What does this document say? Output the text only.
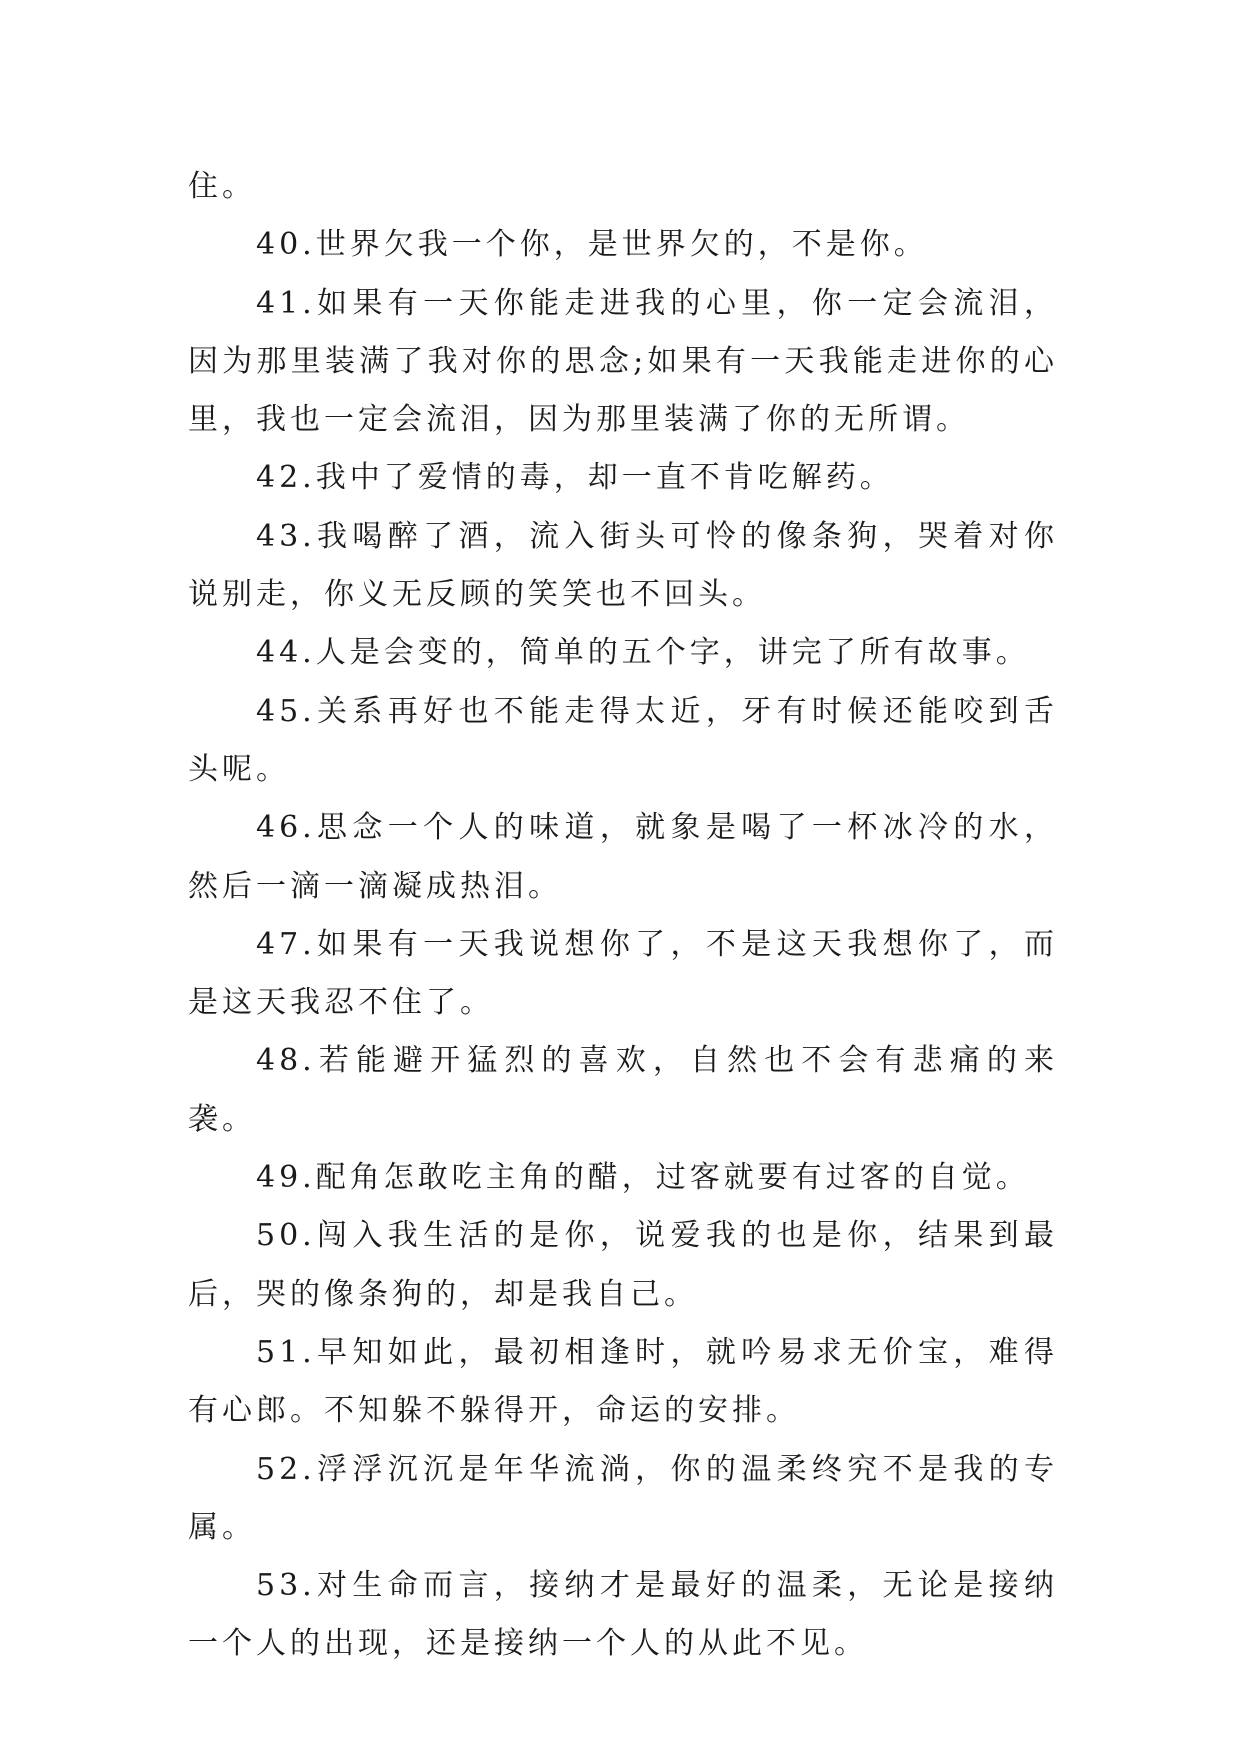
住。

40.世界欠我一个你，是世界欠的，不是你。

41.如果有一天你能走进我的心里，你一定会流泪，因为那里装满了我对你的思念;如果有一天我能走进你的心里，我也一定会流泪，因为那里装满了你的无所谓。

42.我中了爱情的毒，却一直不肯吃解药。

43.我喝醉了酒，流入街头可怜的像条狗，哭着对你说别走，你义无反顾的笑笑也不回头。

44.人是会变的，简单的五个字，讲完了所有故事。

45.关系再好也不能走得太近，牙有时候还能咬到舌头呢。

46.思念一个人的味道，就象是喝了一杯冰冷的水，然后一滴一滴凝成热泪。

47.如果有一天我说想你了，不是这天我想你了，而是这天我忍不住了。

48.若能避开猛烈的喜欢，自然也不会有悲痛的来袭。

49.配角怎敢吃主角的醋，过客就要有过客的自觉。

50.闯入我生活的是你，说爱我的也是你，结果到最后，哭的像条狗的，却是我自己。

51.早知如此，最初相逢时，就吟易求无价宝，难得有心郎。不知躲不躲得开，命运的安排。

52.浮浮沉沉是年华流淌，你的温柔终究不是我的专属。

53.对生命而言，接纳才是最好的温柔，无论是接纳一个人的出现，还是接纳一个人的从此不见。
